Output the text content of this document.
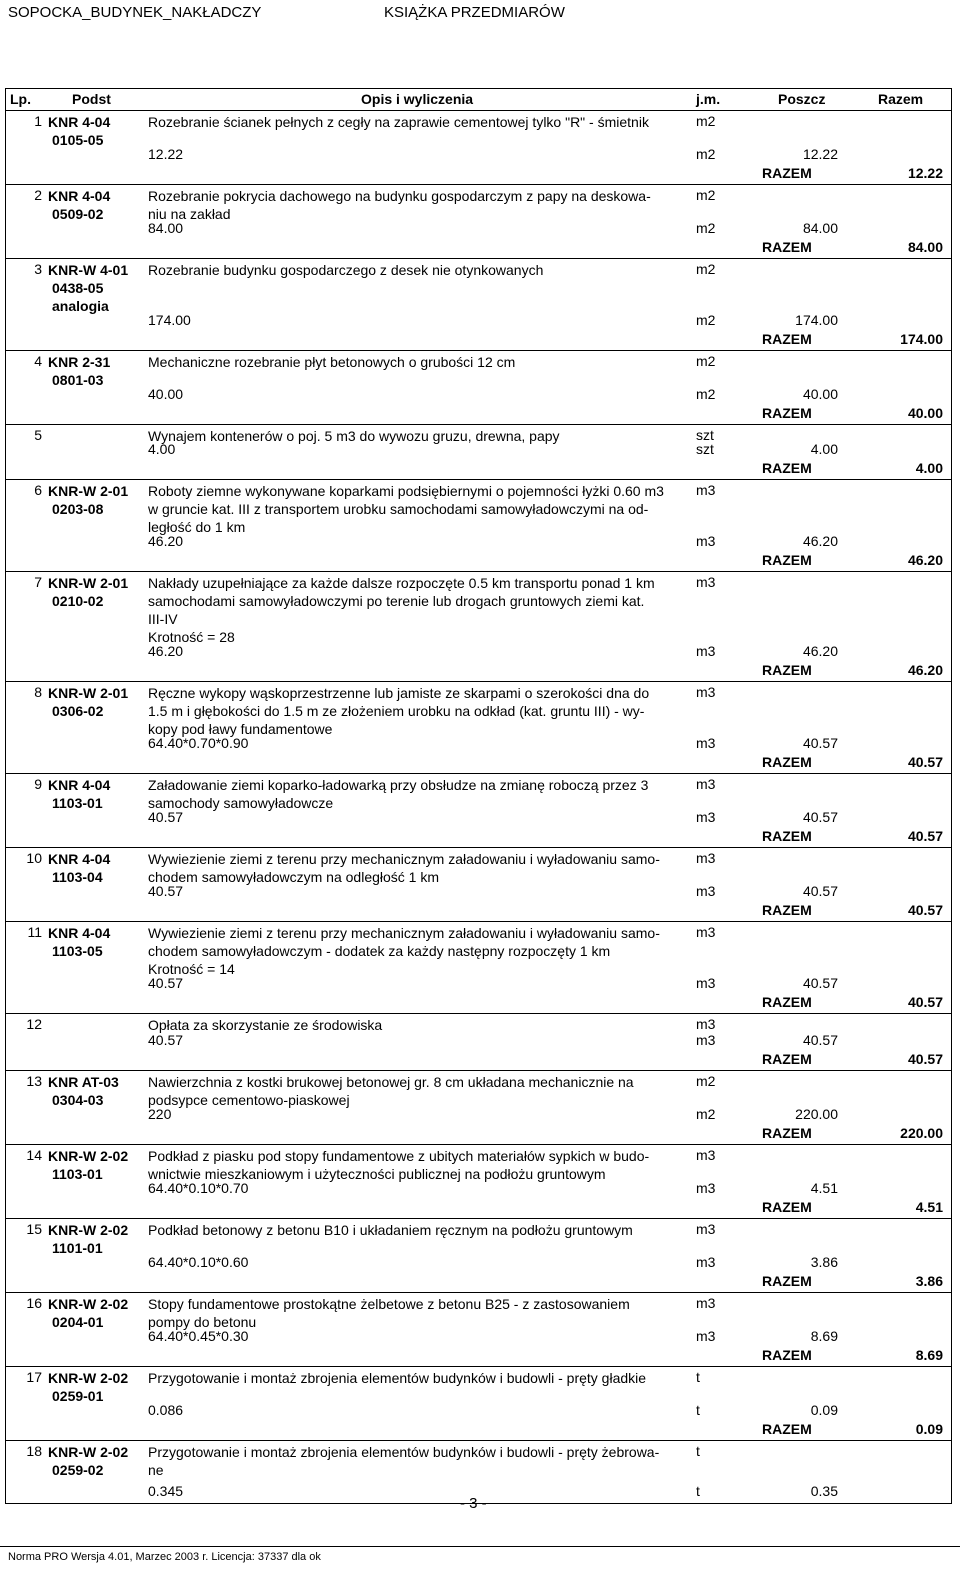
SOPOCKA_BUDYNEK_NAKŁADCZY	KSIĄŻKA PRZEDMIARÓW
Lp.	Podst	Opis i wyliczenia	j.m.	Poszcz	Razem
1 KNR 4-04
0105-05
Rozebranie ścianek pełnych z cegły na zaprawie cementowej tylko "R" - śmietnik	m2
12.22	m2	12.22
RAZEM	12.22
2 KNR 4-04
0509-02
Rozebranie pokrycia dachowego na budynku gospodarczym z papy na deskowa-
niu na zakład
m2
84.00	m2	84.00
RAZEM	84.00
3 KNR-W 4-01
0438-05
analogia
Rozebranie budynku gospodarczego z desek nie otynkowanych	m2
174.00	m2	174.00
RAZEM	174.00
4 KNR 2-31
0801-03
Mechaniczne rozebranie płyt betonowych o grubości 12 cm	m2
40.00	m2	40.00
RAZEM	40.00
5	Wynajem kontenerów o poj. 5 m3 do wywozu gruzu, drewna, papy	szt
4.00	szt	4.00
RAZEM	4.00
6 KNR-W 2-01
0203-08
Roboty ziemne wykonywane koparkami podsiębiernymi o pojemności łyżki 0.60 m3
w gruncie kat. III z transportem urobku samochodami samowyładowczymi na od-
ległość do 1 km
m3
46.20	m3	46.20
RAZEM	46.20
7 KNR-W 2-01
0210-02
Nakłady uzupełniające za każde dalsze rozpoczęte 0.5 km transportu ponad 1 km
samochodami samowyładowczymi po terenie lub drogach gruntowych ziemi kat.
III-IV
Krotność = 28
m3
46.20	m3	46.20
RAZEM	46.20
8 KNR-W 2-01
0306-02
Ręczne wykopy wąskoprzestrzenne lub jamiste ze skarpami o szerokości dna do
1.5 m i głębokości do 1.5 m ze złożeniem urobku na odkład (kat. gruntu III) - wy-
kopy pod ławy fundamentowe
m3
64.40*0.70*0.90	m3	40.57
RAZEM	40.57
9 KNR 4-04
1103-01
Załadowanie ziemi koparko-ładowarką przy obsłudze na zmianę roboczą przez 3
samochody samowyładowcze
m3
40.57	m3	40.57
RAZEM	40.57
10 KNR 4-04
1103-04
Wywiezienie ziemi z terenu przy mechanicznym załadowaniu i wyładowaniu samo-
chodem samowyładowczym na odległość 1 km
m3
40.57	m3	40.57
RAZEM	40.57
11 KNR 4-04
1103-05
Wywiezienie ziemi z terenu przy mechanicznym załadowaniu i wyładowaniu samo-
chodem samowyładowczym - dodatek za każdy następny rozpoczęty 1 km
Krotność = 14
m3
40.57	m3	40.57
RAZEM	40.57
12	Opłata za skorzystanie ze środowiska	m3
40.57	m3	40.57
RAZEM	40.57
13 KNR AT-03
0304-03
Nawierzchnia z kostki brukowej betonowej gr. 8 cm układana mechanicznie na
podsypce cementowo-piaskowej
m2
220	m2	220.00
RAZEM	220.00
14 KNR-W 2-02
1103-01
Podkład z piasku pod stopy fundamentowe z ubitych materiałów sypkich w budo-
wnictwie mieszkaniowym i użyteczności publicznej na podłożu gruntowym
m3
64.40*0.10*0.70	m3	4.51
RAZEM	4.51
15 KNR-W 2-02
1101-01
Podkład betonowy z betonu B10 i układaniem ręcznym na podłożu gruntowym	m3
64.40*0.10*0.60	m3	3.86
RAZEM	3.86
16 KNR-W 2-02
0204-01
Stopy fundamentowe prostokątne żelbetowe z betonu B25 - z zastosowaniem
pompy do betonu
m3
64.40*0.45*0.30	m3	8.69
RAZEM	8.69
17 KNR-W 2-02
0259-01
Przygotowanie i montaż zbrojenia elementów budynków i budowli - pręty gładkie	t
0.086	t	0.09
RAZEM	0.09
18 KNR-W 2-02
0259-02
Przygotowanie i montaż zbrojenia elementów budynków i budowli - pręty żebrowa-
ne
t
0.345	t	0.35
- 3 -
Norma PRO Wersja 4.01, Marzec 2003 r. Licencja: 37337 dla ok
